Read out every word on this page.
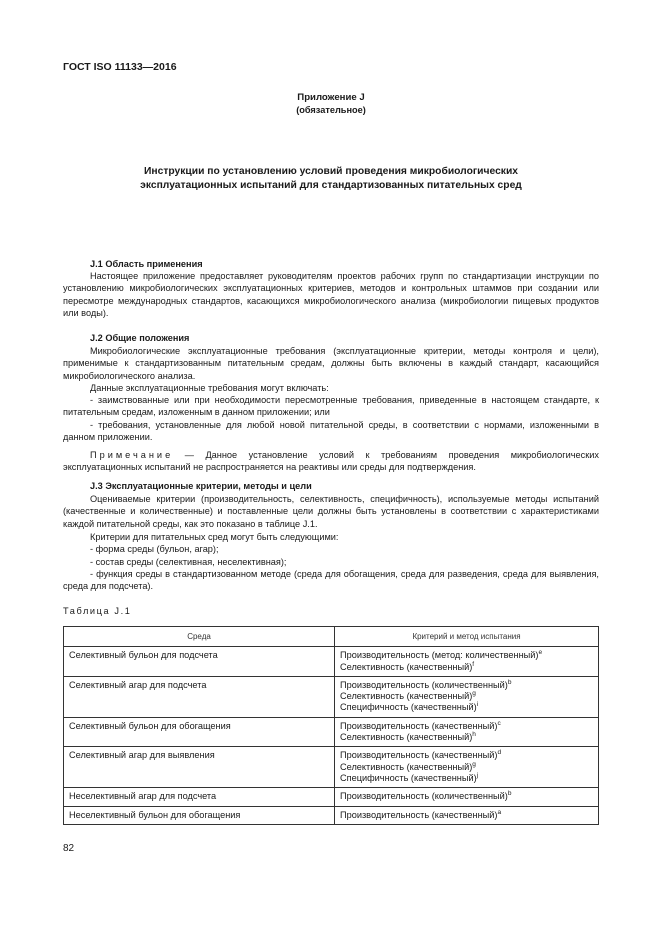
ГОСТ ISO 11133—2016
Приложение J
(обязательное)
Инструкции по установлению условий проведения микробиологических
эксплуатационных испытаний для стандартизованных питательных сред
J.1 Область применения
Настоящее приложение предоставляет руководителям проектов рабочих групп по стандартизации инструкции по установлению микробиологических эксплуатационных критериев, методов и контрольных штаммов при создании или пересмотре международных стандартов, касающихся микробиологического анализа (микробиологии пищевых продуктов или воды).
J.2 Общие положения
Микробиологические эксплуатационные требования (эксплуатационные критерии, методы контроля и цели), применимые к стандартизованным питательным средам, должны быть включены в каждый стандарт, касающийся микробиологического анализа.
Данные эксплуатационные требования могут включать:
- заимствованные или при необходимости пересмотренные требования, приведенные в настоящем стандарте, к питательным средам, изложенным в данном приложении; или
- требования, установленные для любой новой питательной среды, в соответствии с нормами, изложенными в данном приложении.
Примечание — Данное установление условий к требованиям проведения микробиологических эксплуатационных испытаний не распространяется на реактивы или среды для подтверждения.
J.3 Эксплуатационные критерии, методы и цели
Оцениваемые критерии (производительность, селективность, специфичность), используемые методы испытаний (качественные и количественные) и поставленные цели должны быть установлены в соответствии с характеристиками каждой питательной среды, как это показано в таблице J.1.
Критерии для питательных сред могут быть следующими:
- форма среды (бульон, агар);
- состав среды (селективная, неселективная);
- функция среды в стандартизованном методе (среда для обогащения, среда для разведения, среда для выявления, среда для подсчета).
Таблица J.1
Среда	Критерий и метод испытания
Селективный бульон для подсчета	Производительность (метод: количественный)$^e$
Селективность (качественный)$^f$

Селективный агар для подсчета	Производительность (количественный)$^b$
Селективность (качественный)$^g$
Специфичность (качественный)$^i$

Селективный бульон для обогащения	Производительность (качественный)$^c$
Селективность (качественный)$^h$

Селективный агар для выявления	Производительность (качественный)$^d$
Селективность (качественный)$^g$
Специфичность (качественный)$^j$

Неселективный агар для подсчета	Производительность (количественный)$^b$

Неселективный бульон для обогащения	Производительность (качественный)$^a$
82
